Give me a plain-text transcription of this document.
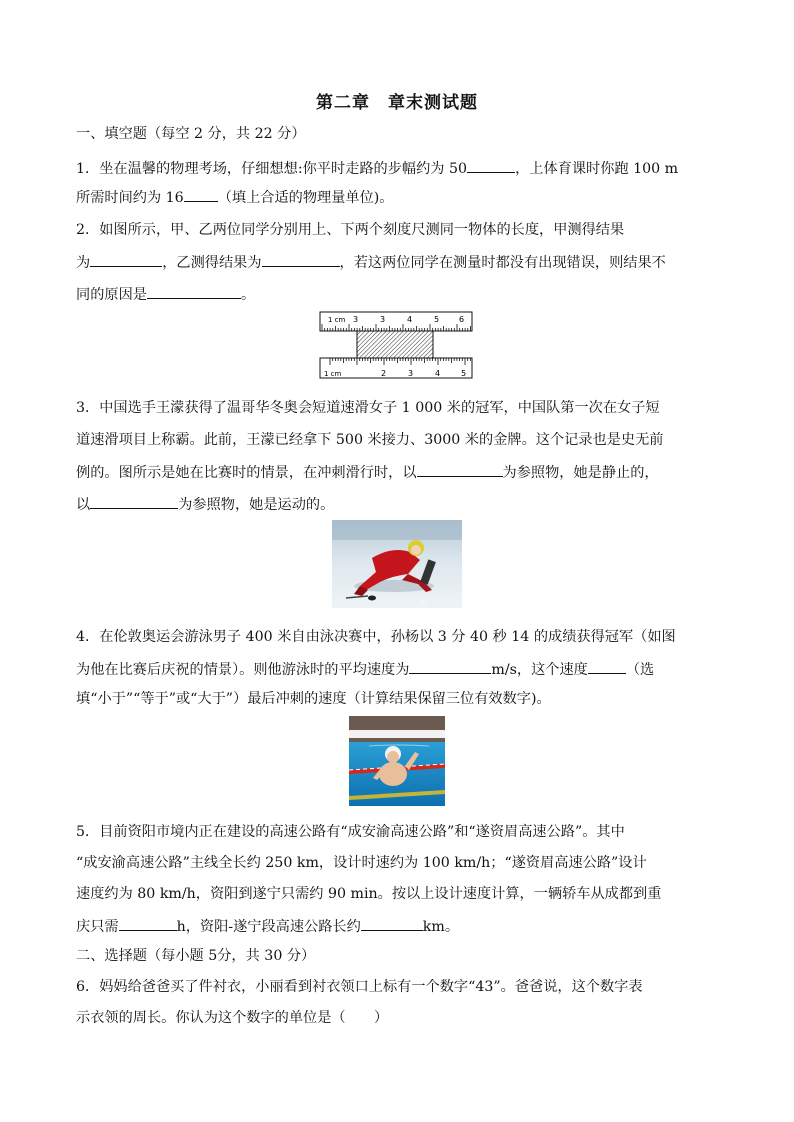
第二章　章末测试题
一、填空题（每空 2 分，共 22 分）
1．坐在温馨的物理考场，仔细想想:你平时走路的步幅约为 50	，上体育课时你跑 100 m
所需时间约为 16 （填上合适的物理量单位)。
2．如图所示，甲、乙两位同学分别用上、下两个刻度尺测同一物体的长度，甲测得结果
为	，乙测得结果为	，若这两位同学在测量时都没有出现错误，则结果不
同的原因是	。
1 cm 3	3	4	5 6
1 cm	2	3	4	5
3．中国选手王濛获得了温哥华冬奥会短道速滑女子 1 000 米的冠军，中国队第一次在女子短
道速滑项目上称霸。此前，王濛已经拿下 500 米接力、3000 米的金牌。这个记录也是史无前
例的。图所示是她在比赛时的情景，在冲刺滑行时，以	为参照物，她是静止的，
以	为参照物，她是运动的。
◎
4．在伦敦奥运会游泳男子 400 米自由泳决赛中，孙杨以 3 分 40 秒 14 的成绩获得冠军（如图
为他在比赛后庆祝的情景）。则他游泳时的平均速度为	m/s，这个速度	（选
填“小于”“等于”或“大于”）最后冲刺的速度（计算结果保留三位有效数字)。
5．目前资阳市境内正在建设的高速公路有“成安渝高速公路”和“遂资眉高速公路”。其中
“成安渝高速公路”主线全长约 250 km，设计时速约为 100 km/h；“遂资眉高速公路”设计
速度约为 80 km/h，资阳到遂宁只需约 90 min。按以上设计速度计算，一辆轿车从成都到重
庆只需	h，资阳-遂宁段高速公路长约	km。
二、选择题（每小题 5分，共 30 分）
6．妈妈给爸爸买了件衬衣，小丽看到衬衣领口上标有一个数字“43”。爸爸说，这个数字表
示衣领的周长。你认为这个数字的单位是（　　）
